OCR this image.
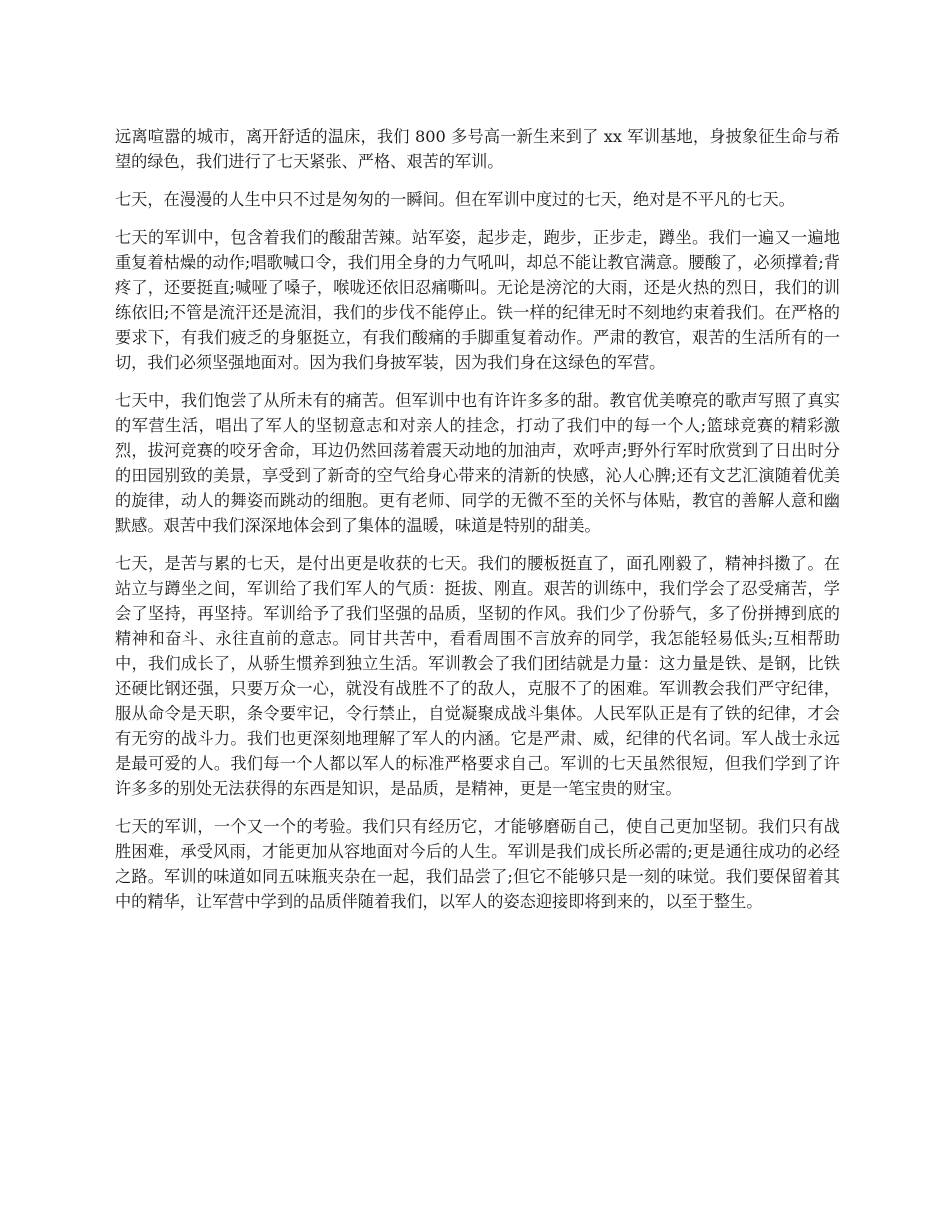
远离喧嚣的城市，离开舒适的温床，我们 800 多号高一新生来到了 xx 军训基地，身披象征生命与希望的绿色，我们进行了七天紧张、严格、艰苦的军训。

七天，在漫漫的人生中只不过是匆匆的一瞬间。但在军训中度过的七天，绝对是不平凡的七天。

七天的军训中，包含着我们的酸甜苦辣。站军姿，起步走，跑步，正步走，蹲坐。我们一遍又一遍地重复着枯燥的动作;唱歌喊口令，我们用全身的力气吼叫，却总不能让教官满意。腰酸了，必须撑着;背疼了，还要挺直;喊哑了嗓子，喉咙还依旧忍痛嘶叫。无论是滂沱的大雨，还是火热的烈日，我们的训练依旧;不管是流汗还是流泪，我们的步伐不能停止。铁一样的纪律无时不刻地约束着我们。在严格的要求下，有我们疲乏的身躯挺立，有我们酸痛的手脚重复着动作。严肃的教官，艰苦的生活所有的一切，我们必须坚强地面对。因为我们身披军装，因为我们身在这绿色的军营。

七天中，我们饱尝了从所未有的痛苦。但军训中也有许许多多的甜。教官优美嘹亮的歌声写照了真实的军营生活，唱出了军人的坚韧意志和对亲人的挂念，打动了我们中的每一个人;篮球竞赛的精彩激烈，拔河竞赛的咬牙舍命，耳边仍然回荡着震天动地的加油声，欢呼声;野外行军时欣赏到了日出时分的田园别致的美景，享受到了新奇的空气给身心带来的清新的快感，沁人心脾;还有文艺汇演随着优美的旋律，动人的舞姿而跳动的细胞。更有老师、同学的无微不至的关怀与体贴，教官的善解人意和幽默感。艰苦中我们深深地体会到了集体的温暖，味道是特别的甜美。

七天，是苦与累的七天，是付出更是收获的七天。我们的腰板挺直了，面孔刚毅了，精神抖擞了。在站立与蹲坐之间，军训给了我们军人的气质：挺拔、刚直。艰苦的训练中，我们学会了忍受痛苦，学会了坚持，再坚持。军训给予了我们坚强的品质，坚韧的作风。我们少了份骄气，多了份拼搏到底的精神和奋斗、永往直前的意志。同甘共苦中，看看周围不言放弃的同学，我怎能轻易低头;互相帮助中，我们成长了，从骄生惯养到独立生活。军训教会了我们团结就是力量：这力量是铁、是钢，比铁还硬比钢还强，只要万众一心，就没有战胜不了的敌人，克服不了的困难。军训教会我们严守纪律，服从命令是天职，条令要牢记，令行禁止，自觉凝聚成战斗集体。人民军队正是有了铁的纪律，才会有无穷的战斗力。我们也更深刻地理解了军人的内涵。它是严肃、威，纪律的代名词。军人战士永远是最可爱的人。我们每一个人都以军人的标准严格要求自己。军训的七天虽然很短，但我们学到了许许多多的别处无法获得的东西是知识，是品质，是精神，更是一笔宝贵的财宝。

七天的军训，一个又一个的考验。我们只有经历它，才能够磨砺自己，使自己更加坚韧。我们只有战胜困难，承受风雨，才能更加从容地面对今后的人生。军训是我们成长所必需的;更是通往成功的必经之路。军训的味道如同五味瓶夹杂在一起，我们品尝了;但它不能够只是一刻的味觉。我们要保留着其中的精华，让军营中学到的品质伴随着我们，以军人的姿态迎接即将到来的，以至于整生。
